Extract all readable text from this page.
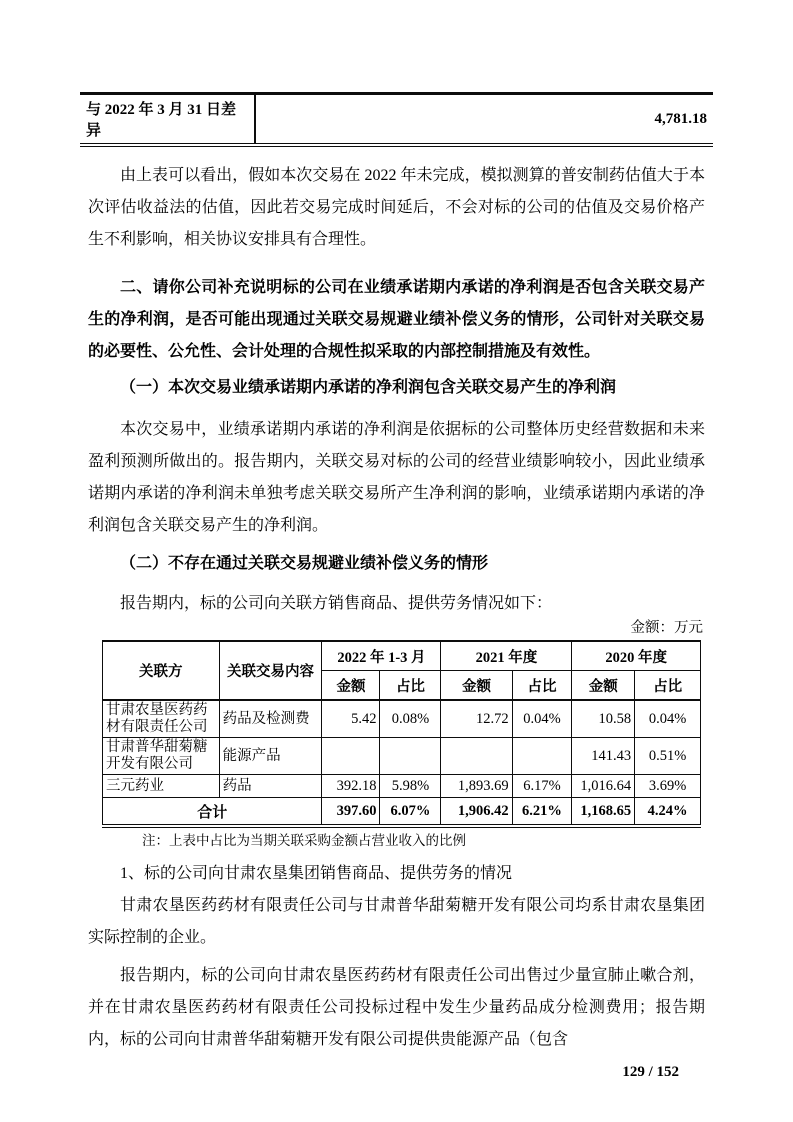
与 2022 年 3 月 31 日差异	4,781.18

由上表可以看出，假如本次交易在 2022 年未完成，模拟测算的普安制药估值大于本次评估收益法的估值，因此若交易完成时间延后，不会对标的公司的估值及交易价格产生不利影响，相关协议安排具有合理性。

二、请你公司补充说明标的公司在业绩承诺期内承诺的净利润是否包含关联交易产生的净利润，是否可能出现通过关联交易规避业绩补偿义务的情形，公司针对关联交易的必要性、公允性、会计处理的合规性拟采取的内部控制措施及有效性。

（一）本次交易业绩承诺期内承诺的净利润包含关联交易产生的净利润

本次交易中，业绩承诺期内承诺的净利润是依据标的公司整体历史经营数据和未来盈利预测所做出的。报告期内，关联交易对标的公司的经营业绩影响较小，因此业绩承诺期内承诺的净利润未单独考虑关联交易所产生净利润的影响，业绩承诺期内承诺的净利润包含关联交易产生的净利润。

（二）不存在通过关联交易规避业绩补偿义务的情形

报告期内，标的公司向关联方销售商品、提供劳务情况如下：

金额：万元
关联方	关联交易内容	2022 年 1-3 月		2021 年度		2020 年度	
		金额	占比	金额	占比	金额	占比
甘肃农垦医药药材有限责任公司	药品及检测费	5.42	0.08%	12.72	0.04%	10.58	0.04%
甘肃普华甜菊糖开发有限公司	能源产品					141.43	0.51%
三元药业	药品	392.18	5.98%	1,893.69	6.17%	1,016.64	3.69%
合计		397.60	6.07%	1,906.42	6.21%	1,168.65	4.24%
注：上表中占比为当期关联采购金额占营业收入的比例

1、标的公司向甘肃农垦集团销售商品、提供劳务的情况

甘肃农垦医药药材有限责任公司与甘肃普华甜菊糖开发有限公司均系甘肃农垦集团实际控制的企业。

报告期内，标的公司向甘肃农垦医药药材有限责任公司出售过少量宣肺止嗽合剂，并在甘肃农垦医药药材有限责任公司投标过程中发生少量药品成分检测费用；报告期内，标的公司向甘肃普华甜菊糖开发有限公司提供贵能源产品（包含

129 / 152
